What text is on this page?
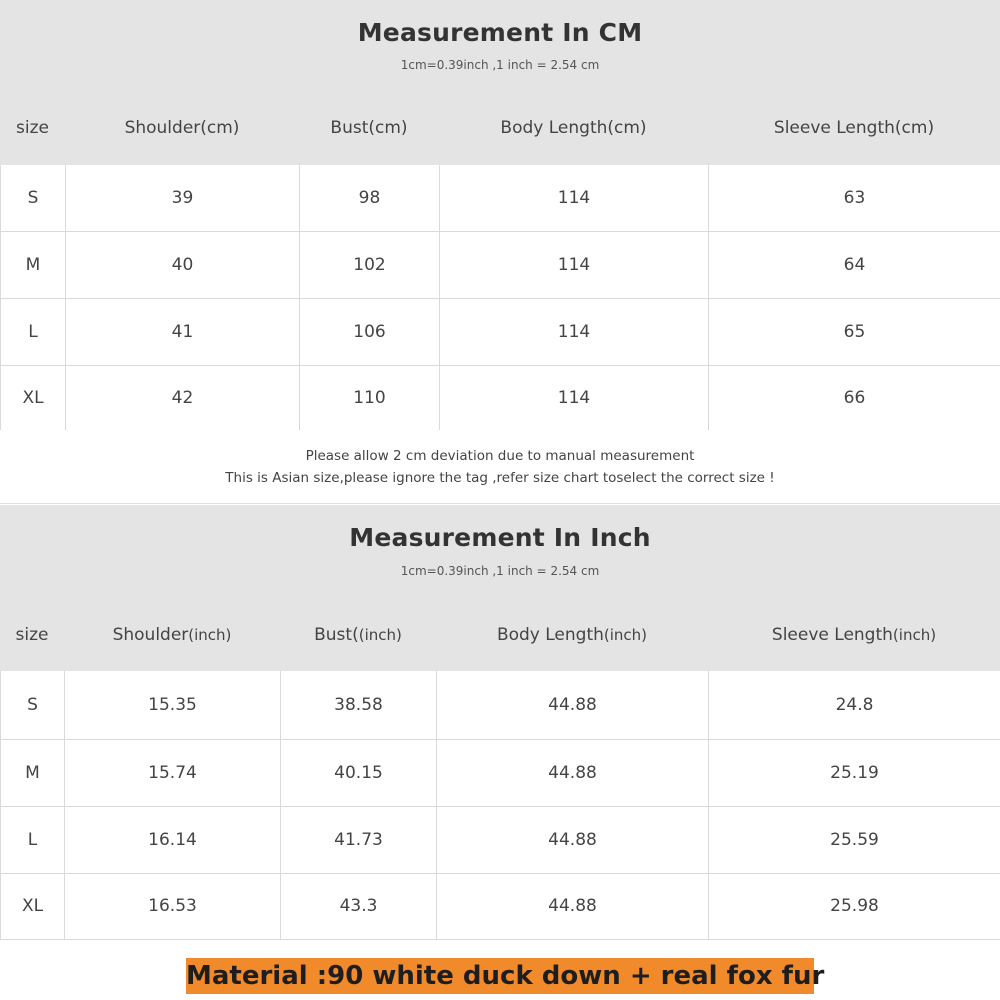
Measurement In CM
1cm=0.39inch ,1 inch = 2.54 cm
size	Shoulder(cm)	Bust(cm)	Body Length(cm)	Sleeve Length(cm)
S	39	98	114	63
M	40	102	114	64
L	41	106	114	65
XL	42	110	114	66
Please allow 2 cm deviation due to manual measurement
This is Asian size,please ignore the tag ,refer size chart toselect the correct size !
Measurement In Inch
1cm=0.39inch ,1 inch = 2.54 cm
size	Shoulder (inch)	Bust( (inch)	Body Length (inch)	Sleeve Length (inch)
S	15.35	38.58	44.88	24.8
M	15.74	40.15	44.88	25.19
L	16.14	41.73	44.88	25.59
XL	16.53	43.3	44.88	25.98
Material :90 white duck down + real fox fur
